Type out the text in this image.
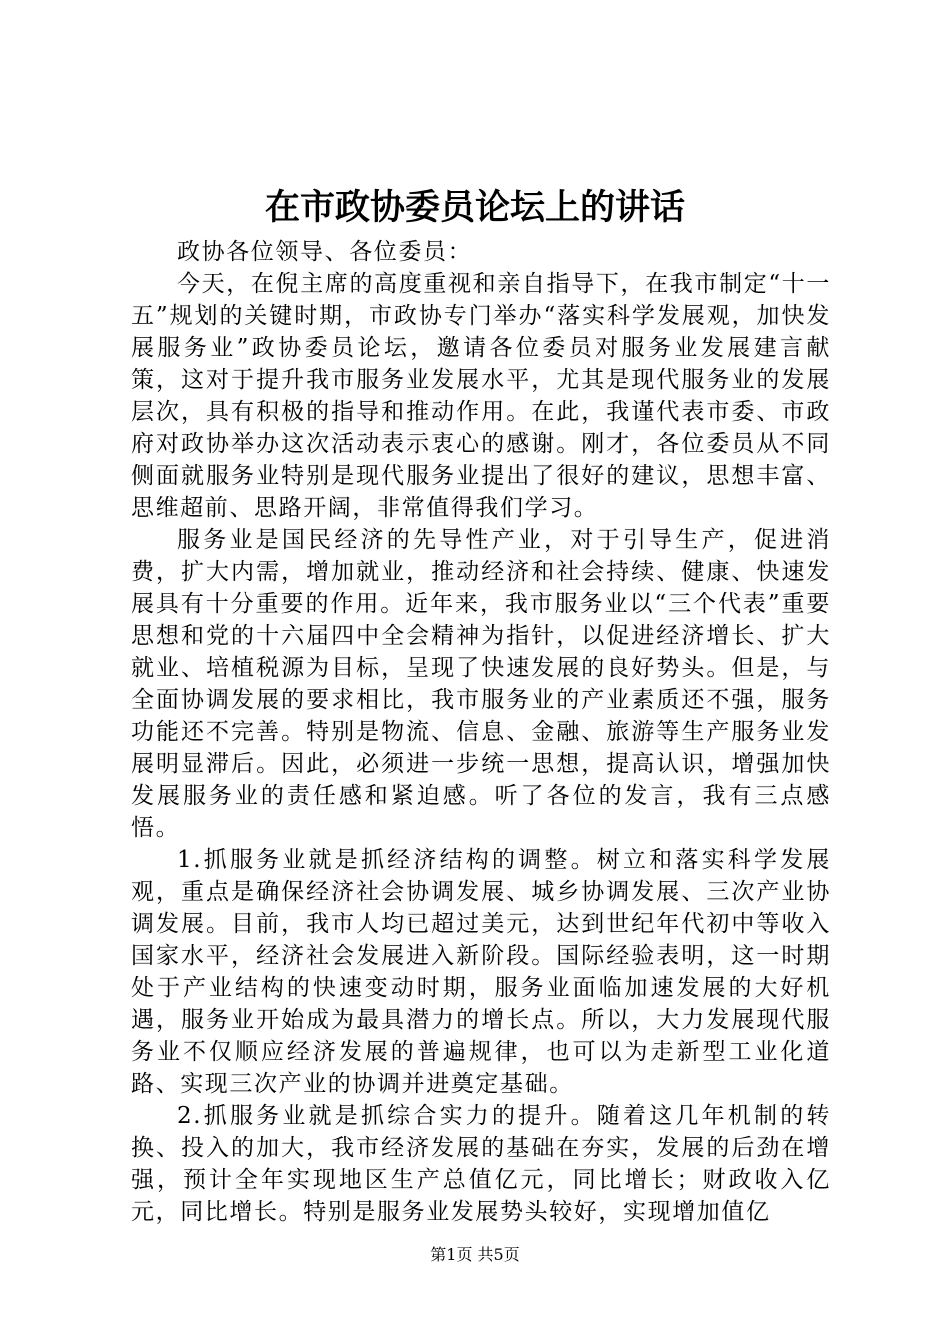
在市政协委员论坛上的讲话

政协各位领导、各位委员：

今天，在倪主席的高度重视和亲自指导下，在我市制定“十一五”规划的关键时期，市政协专门举办“落实科学发展观，加快发展服务业”政协委员论坛，邀请各位委员对服务业发展建言献策，这对于提升我市服务业发展水平，尤其是现代服务业的发展层次，具有积极的指导和推动作用。在此，我谨代表市委、市政府对政协举办这次活动表示衷心的感谢。刚才，各位委员从不同侧面就服务业特别是现代服务业提出了很好的建议，思想丰富、思维超前、思路开阔，非常值得我们学习。

服务业是国民经济的先导性产业，对于引导生产，促进消费，扩大内需，增加就业，推动经济和社会持续、健康、快速发展具有十分重要的作用。近年来，我市服务业以“三个代表”重要思想和党的十六届四中全会精神为指针，以促进经济增长、扩大就业、培植税源为目标，呈现了快速发展的良好势头。但是，与全面协调发展的要求相比，我市服务业的产业素质还不强，服务功能还不完善。特别是物流、信息、金融、旅游等生产服务业发展明显滞后。因此，必须进一步统一思想，提高认识，增强加快发展服务业的责任感和紧迫感。听了各位的发言，我有三点感悟。

1.抓服务业就是抓经济结构的调整。树立和落实科学发展观，重点是确保经济社会协调发展、城乡协调发展、三次产业协调发展。目前，我市人均已超过美元，达到世纪年代初中等收入国家水平，经济社会发展进入新阶段。国际经验表明，这一时期处于产业结构的快速变动时期，服务业面临加速发展的大好机遇，服务业开始成为最具潜力的增长点。所以，大力发展现代服务业不仅顺应经济发展的普遍规律，也可以为走新型工业化道路、实现三次产业的协调并进奠定基础。

2.抓服务业就是抓综合实力的提升。随着这几年机制的转换、投入的加大，我市经济发展的基础在夯实，发展的后劲在增强，预计全年实现地区生产总值亿元，同比增长；财政收入亿元，同比增长。特别是服务业发展势头较好，实现增加值亿

第1页 共5页
